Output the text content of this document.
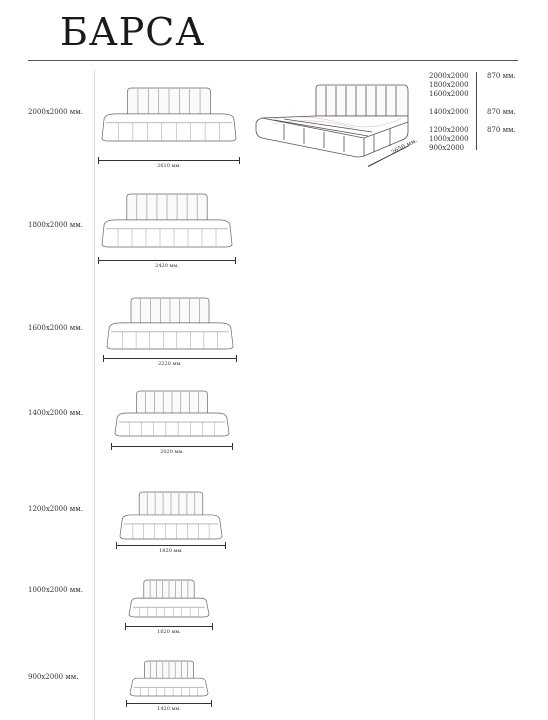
БАРСА
2650 мм.
2000x2000
1800x2000
1600x2000
1400x2000
1200x2000
1000x2000
900x2000
870 мм.
870 мм.
870 мм.
2000x2000 мм.
2610 мм.
1800x2000 мм.
2420 мм.
1600x2000 мм.
2220 мм.
1400x2000 мм.
2020 мм.
1200x2000 мм.
1820 мм.
1000x2000 мм.
1620 мм.
900x2000 мм.
1420 мм.
